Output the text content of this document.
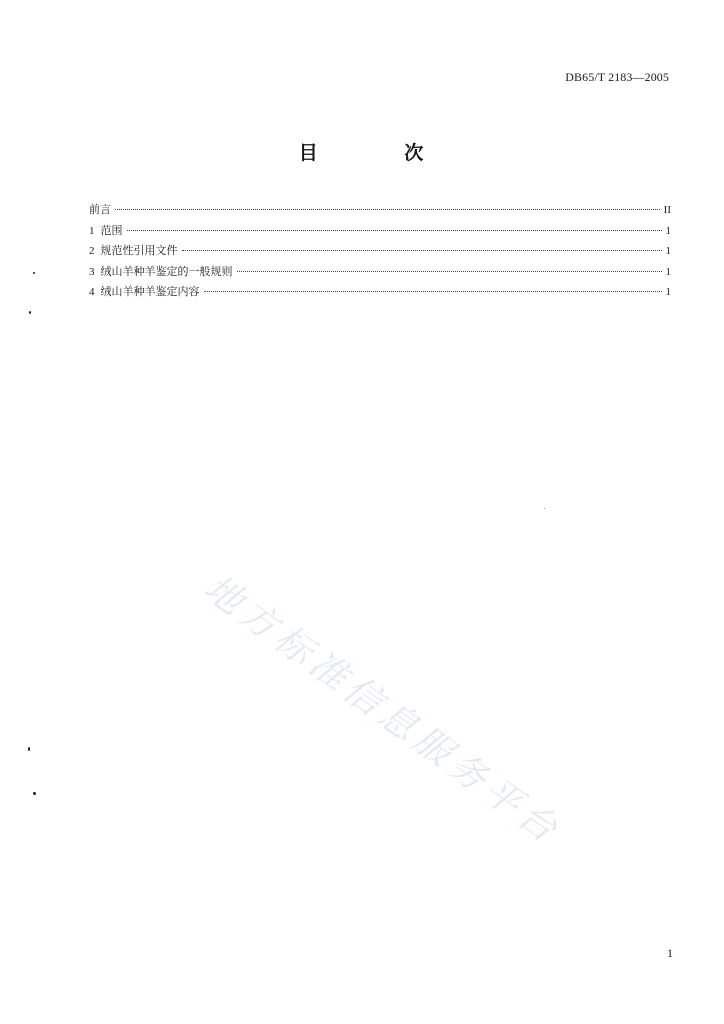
DB65/T 2183—2005
目 次
前言	II
1 范围	1
2 规范性引用文件	1
3 绒山羊种羊鉴定的一般规则	1
4 绒山羊种羊鉴定内容	1
地方标准信息服务平台
1
